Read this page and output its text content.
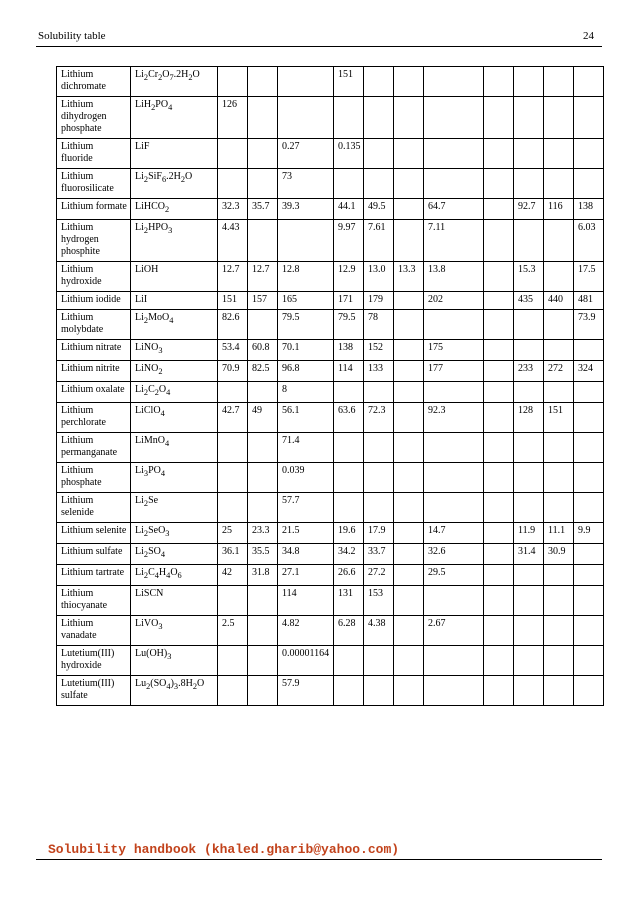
Solubility table	24
Lithium dichromate	$Li_2Cr_2O_7.2H_2O$				151							
Lithium dihydrogen phosphate	$LiH_2PO_4$	126										
Lithium fluoride	LiF			0.27	0.135							
Lithium fluorosilicate	$Li_2SiF_6.2H_2O$			73								
Lithium formate	LiHCO$_2$	32.3	35.7	39.3	44.1	49.5		64.7		92.7	116	138
Lithium hydrogen phosphite	$Li_2HPO_3$	4.43			9.97	7.61		7.11				6.03
Lithium hydroxide	LiOH	12.7	12.7	12.8	12.9	13.0	13.3	13.8		15.3		17.5
Lithium iodide	LiI	151	157	165	171	179		202		435	440	481
Lithium molybdate	$Li_2MoO_4$	82.6		79.5	79.5	78						73.9
Lithium nitrate	LiNO$_3$	53.4	60.8	70.1	138	152		175				
Lithium nitrite	LiNO$_2$	70.9	82.5	96.8	114	133		177		233	272	324
Lithium oxalate	$Li_2C_2O_4$			8								
Lithium perchlorate	LiClO$_4$	42.7	49	56.1	63.6	72.3		92.3		128	151	
Lithium permanganate	LiMnO$_4$			71.4								
Lithium phosphate	$Li_3PO_4$			0.039								
Lithium selenide	$Li_2Se$			57.7								
Lithium selenite	$Li_2SeO_3$	25	23.3	21.5	19.6	17.9		14.7		11.9	11.1	9.9
Lithium sulfate	$Li_2SO_4$	36.1	35.5	34.8	34.2	33.7		32.6		31.4	30.9	
Lithium tartrate	$Li_2C_4H_4O_6$	42	31.8	27.1	26.6	27.2		29.5				
Lithium thiocyanate	LiSCN			114	131	153						
Lithium vanadate	LiVO$_3$	2.5		4.82	6.28	4.38		2.67				
Lutetium(III) hydroxide	$Lu(OH)_3$			0.00001164								
Lutetium(III) sulfate	$Lu_2(SO_4)_3.8H_2O$			57.9								
Solubility handbook (khaled.gharib@yahoo.com)
